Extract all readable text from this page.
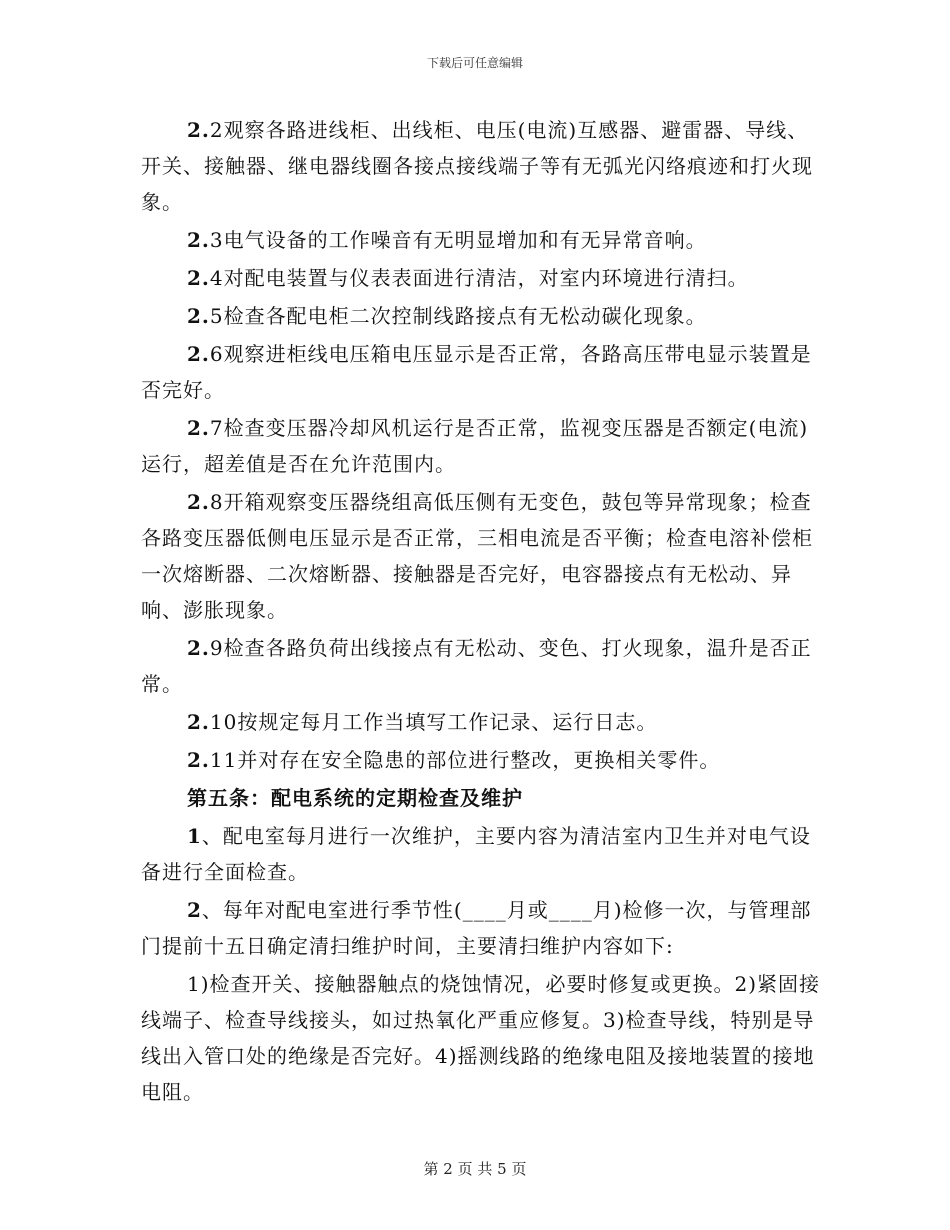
下载后可任意编辑

2.2观察各路进线柜、出线柜、电压(电流)互感器、避雷器、导线、开关、接触器、继电器线圈各接点接线端子等有无弧光闪络痕迹和打火现象。

2.3电气设备的工作噪音有无明显增加和有无异常音响。

2.4对配电装置与仪表表面进行清洁，对室内环境进行清扫。

2.5检查各配电柜二次控制线路接点有无松动碳化现象。

2.6观察进柜线电压箱电压显示是否正常，各路高压带电显示装置是否完好。

2.7检查变压器冷却风机运行是否正常，监视变压器是否额定(电流)运行，超差值是否在允许范围内。

2.8开箱观察变压器绕组高低压侧有无变色，鼓包等异常现象；检查各路变压器低侧电压显示是否正常，三相电流是否平衡；检查电溶补偿柜一次熔断器、二次熔断器、接触器是否完好，电容器接点有无松动、异响、澎胀现象。

2.9检查各路负荷出线接点有无松动、变色、打火现象，温升是否正常。

2.10按规定每月工作当填写工作记录、运行日志。

2.11并对存在安全隐患的部位进行整改，更换相关零件。

第五条：配电系统的定期检查及维护

1、配电室每月进行一次维护，主要内容为清洁室内卫生并对电气设备进行全面检查。

2、每年对配电室进行季节性(____月或____月)检修一次，与管理部门提前十五日确定清扫维护时间，主要清扫维护内容如下:

1)检查开关、接触器触点的烧蚀情况，必要时修复或更换。2)紧固接线端子、检查导线接头，如过热氧化严重应修复。3)检查导线，特别是导线出入管口处的绝缘是否完好。4)摇测线路的绝缘电阻及接地装置的接地电阻。

第 2 页 共 5 页
